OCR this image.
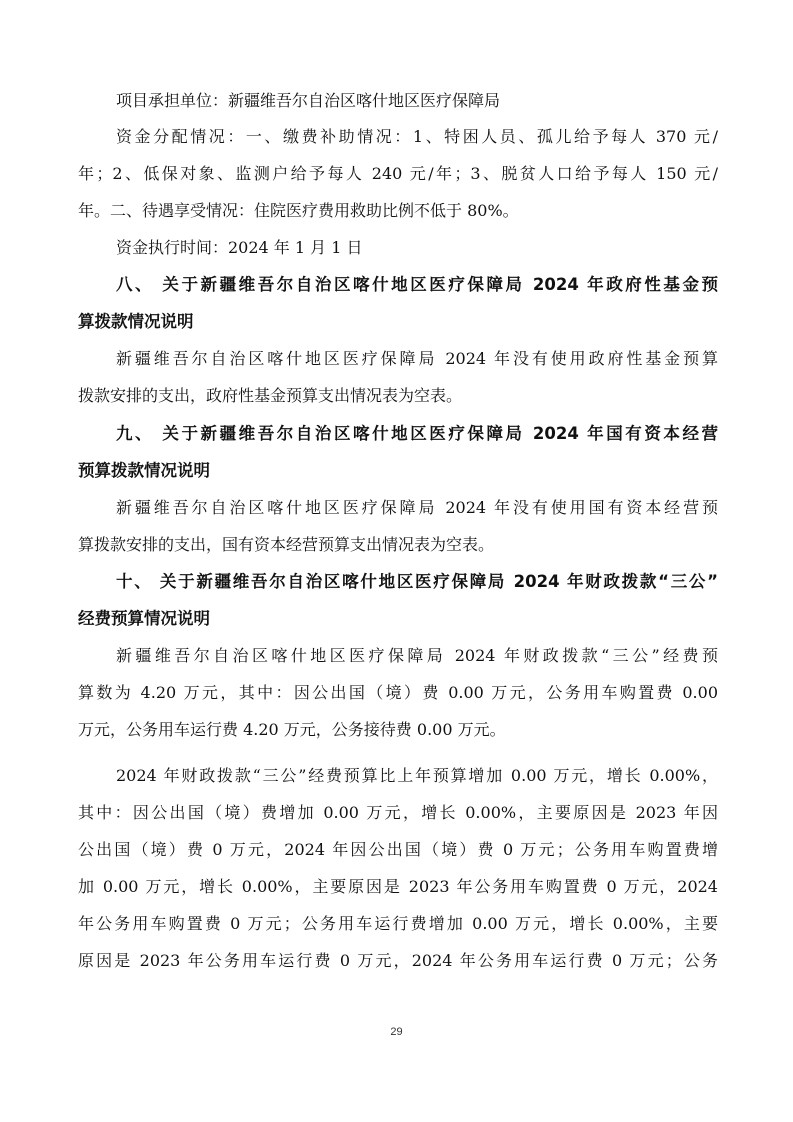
项目承担单位：新疆维吾尔自治区喀什地区医疗保障局
资金分配情况：一、缴费补助情况：1、特困人员、孤儿给予每人 370 元/
年；2、低保对象、监测户给予每人 240 元/年；3、脱贫人口给予每人 150 元/
年。二、待遇享受情况：住院医疗费用救助比例不低于 80%。
资金执行时间：2024 年 1 月 1 日
八、 关于新疆维吾尔自治区喀什地区医疗保障局 2024 年政府性基金预
算拨款情况说明
新疆维吾尔自治区喀什地区医疗保障局 2024 年没有使用政府性基金预算
拨款安排的支出，政府性基金预算支出情况表为空表。
九、 关于新疆维吾尔自治区喀什地区医疗保障局 2024 年国有资本经营
预算拨款情况说明
新疆维吾尔自治区喀什地区医疗保障局 2024 年没有使用国有资本经营预
算拨款安排的支出，国有资本经营预算支出情况表为空表。
十、 关于新疆维吾尔自治区喀什地区医疗保障局 2024 年财政拨款“三公”
经费预算情况说明
新疆维吾尔自治区喀什地区医疗保障局 2024 年财政拨款“三公”经费预
算数为 4.20 万元，其中：因公出国（境）费 0.00 万元，公务用车购置费 0.00
万元，公务用车运行费 4.20 万元，公务接待费 0.00 万元。
2024 年财政拨款“三公”经费预算比上年预算增加 0.00 万元，增长 0.00%，
其中：因公出国（境）费增加 0.00 万元，增长 0.00%，主要原因是 2023 年因
公出国（境）费 0 万元，2024 年因公出国（境）费 0 万元；公务用车购置费增
加 0.00 万元，增长 0.00%，主要原因是 2023 年公务用车购置费 0 万元，2024
年公务用车购置费 0 万元；公务用车运行费增加 0.00 万元，增长 0.00%，主要
原因是 2023 年公务用车运行费 0 万元，2024 年公务用车运行费 0 万元；公务
29
